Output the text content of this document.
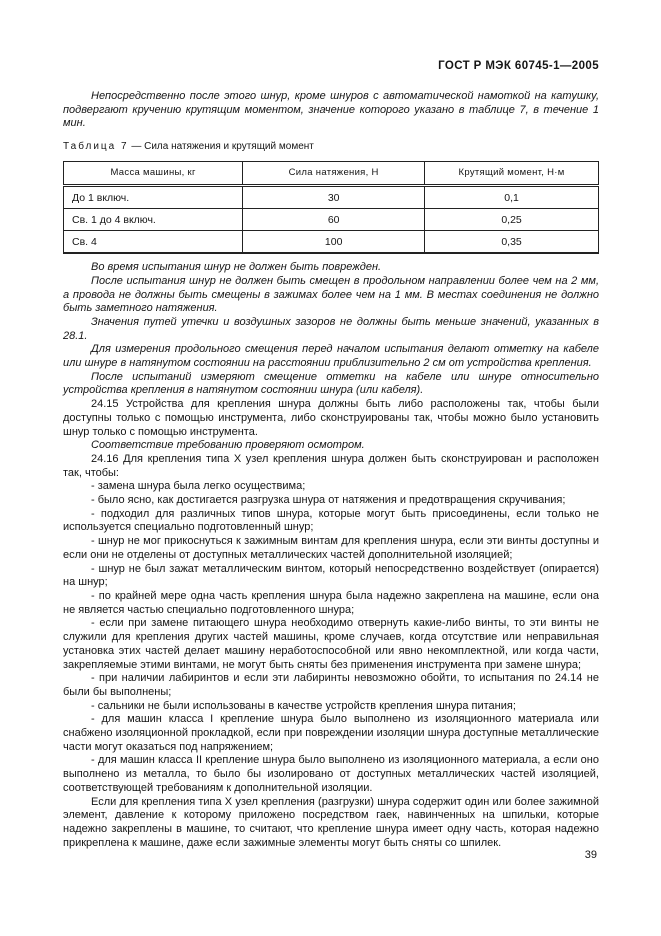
ГОСТ Р МЭК 60745-1—2005

Непосредственно после этого шнур, кроме шнуров с автоматической намоткой на катушку, подвергают кручению крутящим моментом, значение которого указано в таблице 7, в течение 1 мин.

Таблица 7 — Сила натяжения и крутящий момент
Масса машины, кг	Сила натяжения, Н	Крутящий момент, Н·м
До 1 включ.	30	0,1
Св. 1 до 4 включ.	60	0,25
Св. 4	100	0,35

Во время испытания шнур не должен быть поврежден.

После испытания шнур не должен быть смещен в продольном направлении более чем на 2 мм, а провода не должны быть смещены в зажимах более чем на 1 мм. В местах соединения не должно быть заметного натяжения.

Значения путей утечки и воздушных зазоров не должны быть меньше значений, указанных в 28.1.

Для измерения продольного смещения перед началом испытания делают отметку на кабеле или шнуре в натянутом состоянии на расстоянии приблизительно 2 см от устройства крепления.

После испытаний измеряют смещение отметки на кабеле или шнуре относительно устройства крепления в натянутом состоянии шнура (или кабеля).

24.15 Устройства для крепления шнура должны быть либо расположены так, чтобы были доступны только с помощью инструмента, либо сконструированы так, чтобы можно было установить шнур только с помощью инструмента.

Соответствие требованию проверяют осмотром.

24.16 Для крепления типа X узел крепления шнура должен быть сконструирован и расположен так, чтобы:

- замена шнура была легко осуществима;

- было ясно, как достигается разгрузка шнура от натяжения и предотвращения скручивания;

- подходил для различных типов шнура, которые могут быть присоединены, если только не используется специально подготовленный шнур;

- шнур не мог прикоснуться к зажимным винтам для крепления шнура, если эти винты доступны и если они не отделены от доступных металлических частей дополнительной изоляцией;

- шнур не был зажат металлическим винтом, который непосредственно воздействует (опирается) на шнур;

- по крайней мере одна часть крепления шнура была надежно закреплена на машине, если она не является частью специально подготовленного шнура;

- если при замене питающего шнура необходимо отвернуть какие-либо винты, то эти винты не служили для крепления других частей машины, кроме случаев, когда отсутствие или неправильная установка этих частей делает машину неработоспособной или явно некомплектной, или когда части, закрепляемые этими винтами, не могут быть сняты без применения инструмента при замене шнура;

- при наличии лабиринтов и если эти лабиринты невозможно обойти, то испытания по 24.14 не были бы выполнены;

- сальники не были использованы в качестве устройств крепления шнура питания;

- для машин класса I крепление шнура было выполнено из изоляционного материала или снабжено изоляционной прокладкой, если при повреждении изоляции шнура доступные металлические части могут оказаться под напряжением;

- для машин класса II крепление шнура было выполнено из изоляционного материала, а если оно выполнено из металла, то было бы изолировано от доступных металлических частей изоляцией, соответствующей требованиям к дополнительной изоляции.

Если для крепления типа X узел крепления (разгрузки) шнура содержит один или более зажимной элемент, давление к которому приложено посредством гаек, навинченных на шпильки, которые надежно закреплены в машине, то считают, что крепление шнура имеет одну часть, которая надежно прикреплена к машине, даже если зажимные элементы могут быть сняты со шпилек.

39
